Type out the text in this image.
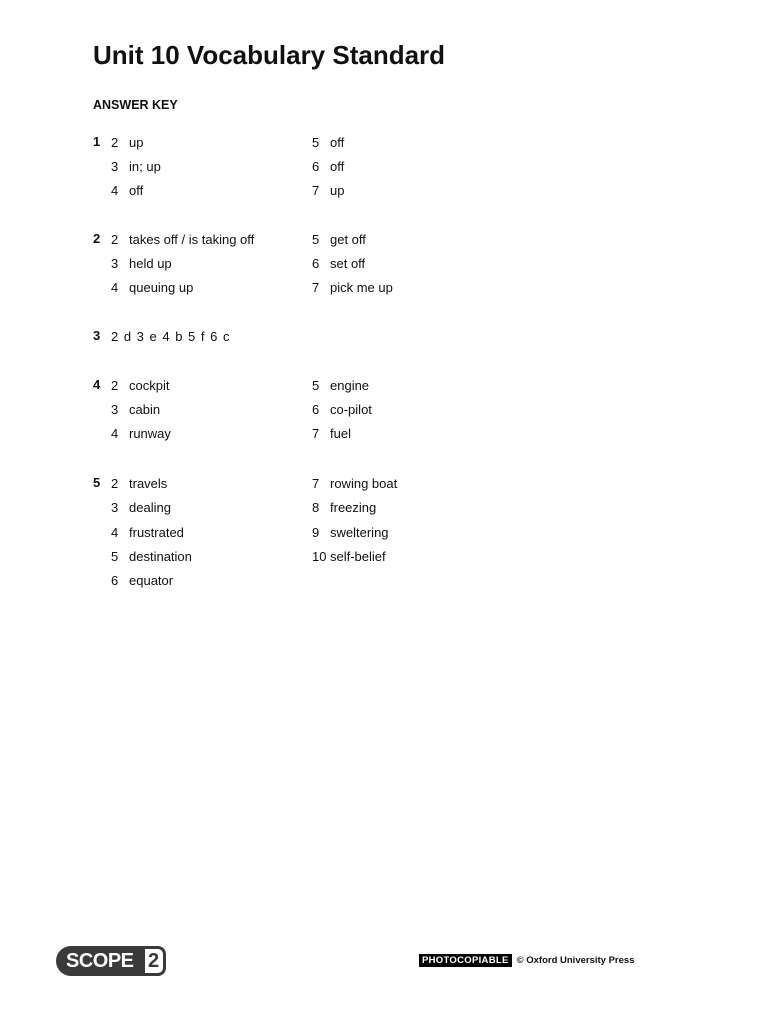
Unit 10 Vocabulary Standard
ANSWER KEY
1 2 up
3 in; up
4 off
5 off
6 off
7 up
2 2 takes off / is taking off
3 held up
4 queuing up
5 get off
6 set off
7 pick me up
3 2 d 3 e 4 b 5 f 6 c
4 2 cockpit
3 cabin
4 runway
5 engine
6 co-pilot
7 fuel
5 2 travels
3 dealing
4 frustrated
5 destination
6 equator
7 rowing boat
8 freezing
9 sweltering
10 self-belief
SCOPE 2	PHOTOCOPIABLE © Oxford University Press
